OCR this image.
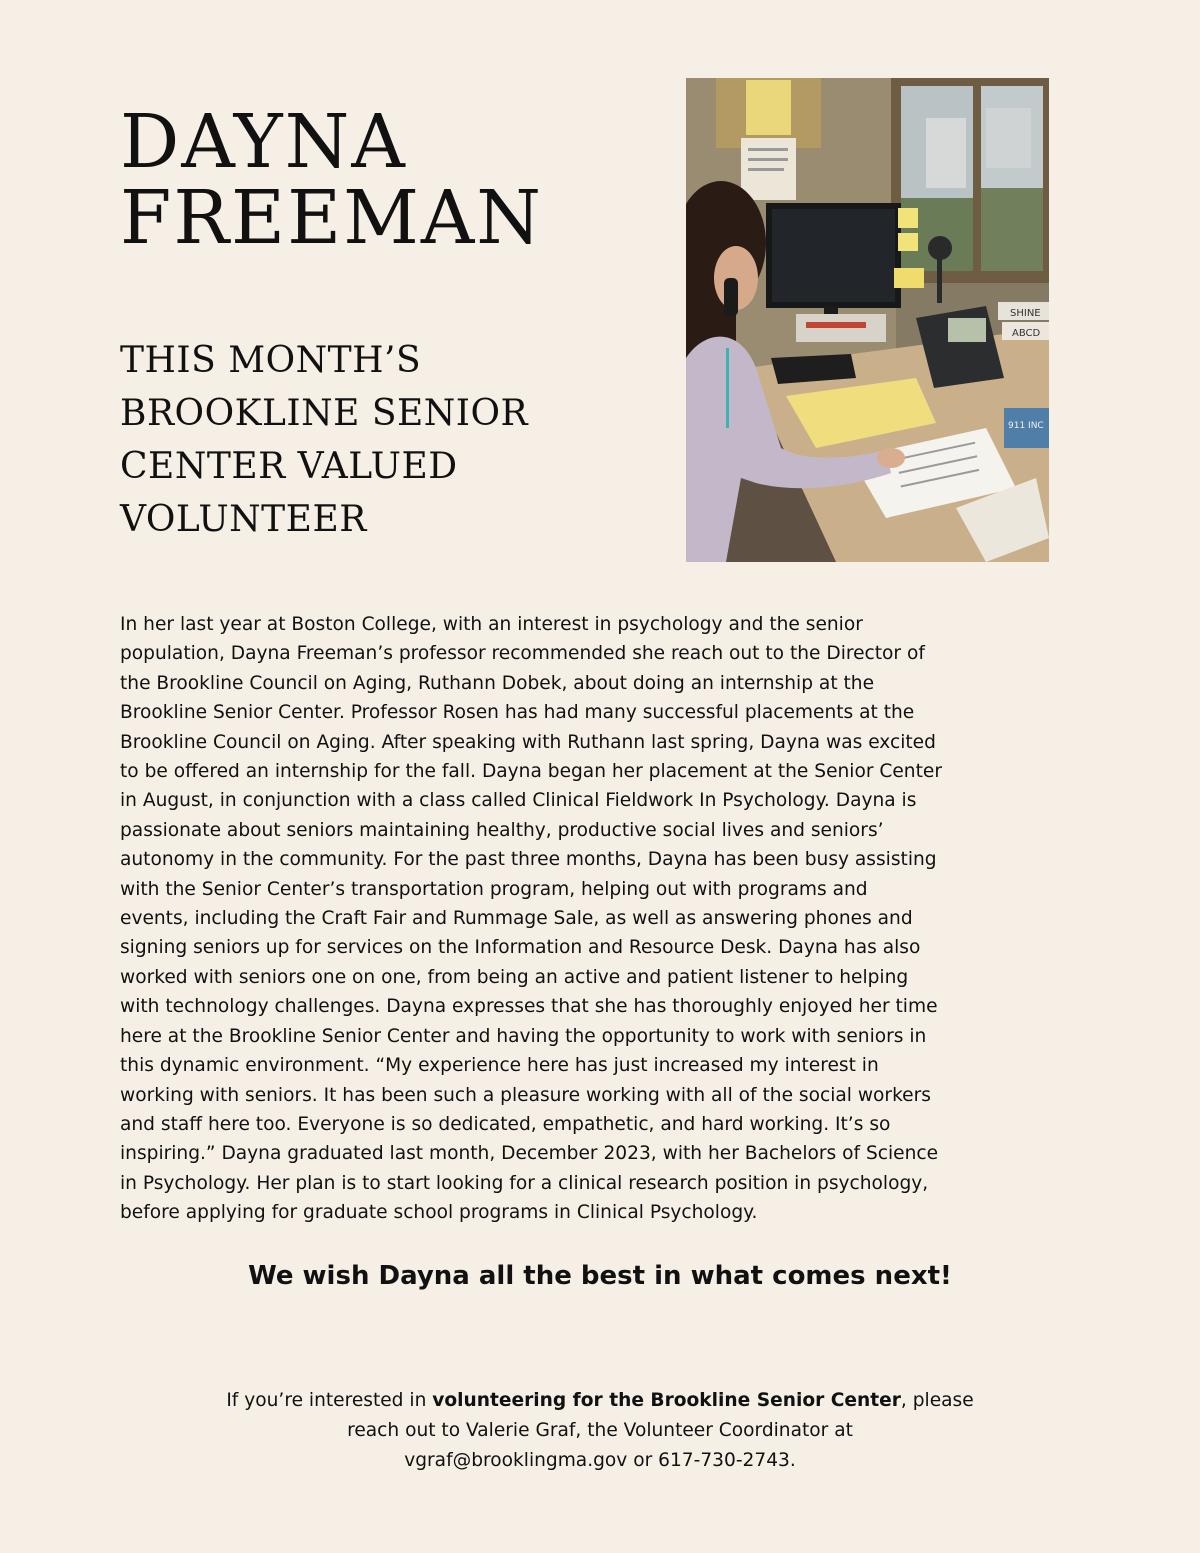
DAYNA
FREEMAN
THIS MONTH’S
BROOKLINE SENIOR
CENTER VALUED
VOLUNTEER
SHINE
ABCD
911 INC
In her last year at Boston College, with an interest in psychology and the senior
population, Dayna Freeman’s professor recommended she reach out to the Director of
the Brookline Council on Aging, Ruthann Dobek, about doing an internship at the
Brookline Senior Center. Professor Rosen has had many successful placements at the
Brookline Council on Aging. After speaking with Ruthann last spring, Dayna was excited
to be offered an internship for the fall. Dayna began her placement at the Senior Center
in August, in conjunction with a class called Clinical Fieldwork In Psychology. Dayna is
passionate about seniors maintaining healthy, productive social lives and seniors’
autonomy in the community. For the past three months, Dayna has been busy assisting
with the Senior Center’s transportation program, helping out with programs and
events, including the Craft Fair and Rummage Sale, as well as answering phones and
signing seniors up for services on the Information and Resource Desk. Dayna has also
worked with seniors one on one, from being an active and patient listener to helping
with technology challenges. Dayna expresses that she has thoroughly enjoyed her time
here at the Brookline Senior Center and having the opportunity to work with seniors in
this dynamic environment. “My experience here has just increased my interest in
working with seniors. It has been such a pleasure working with all of the social workers
and staff here too. Everyone is so dedicated, empathetic, and hard working. It’s so
inspiring.” Dayna graduated last month, December 2023, with her Bachelors of Science
in Psychology. Her plan is to start looking for a clinical research position in psychology,
before applying for graduate school programs in Clinical Psychology.

We wish Dayna all the best in what comes next!

If you’re interested in volunteering for the Brookline Senior Center, please
reach out to Valerie Graf, the Volunteer Coordinator at
vgraf@brooklingma.gov or 617-730-2743.
